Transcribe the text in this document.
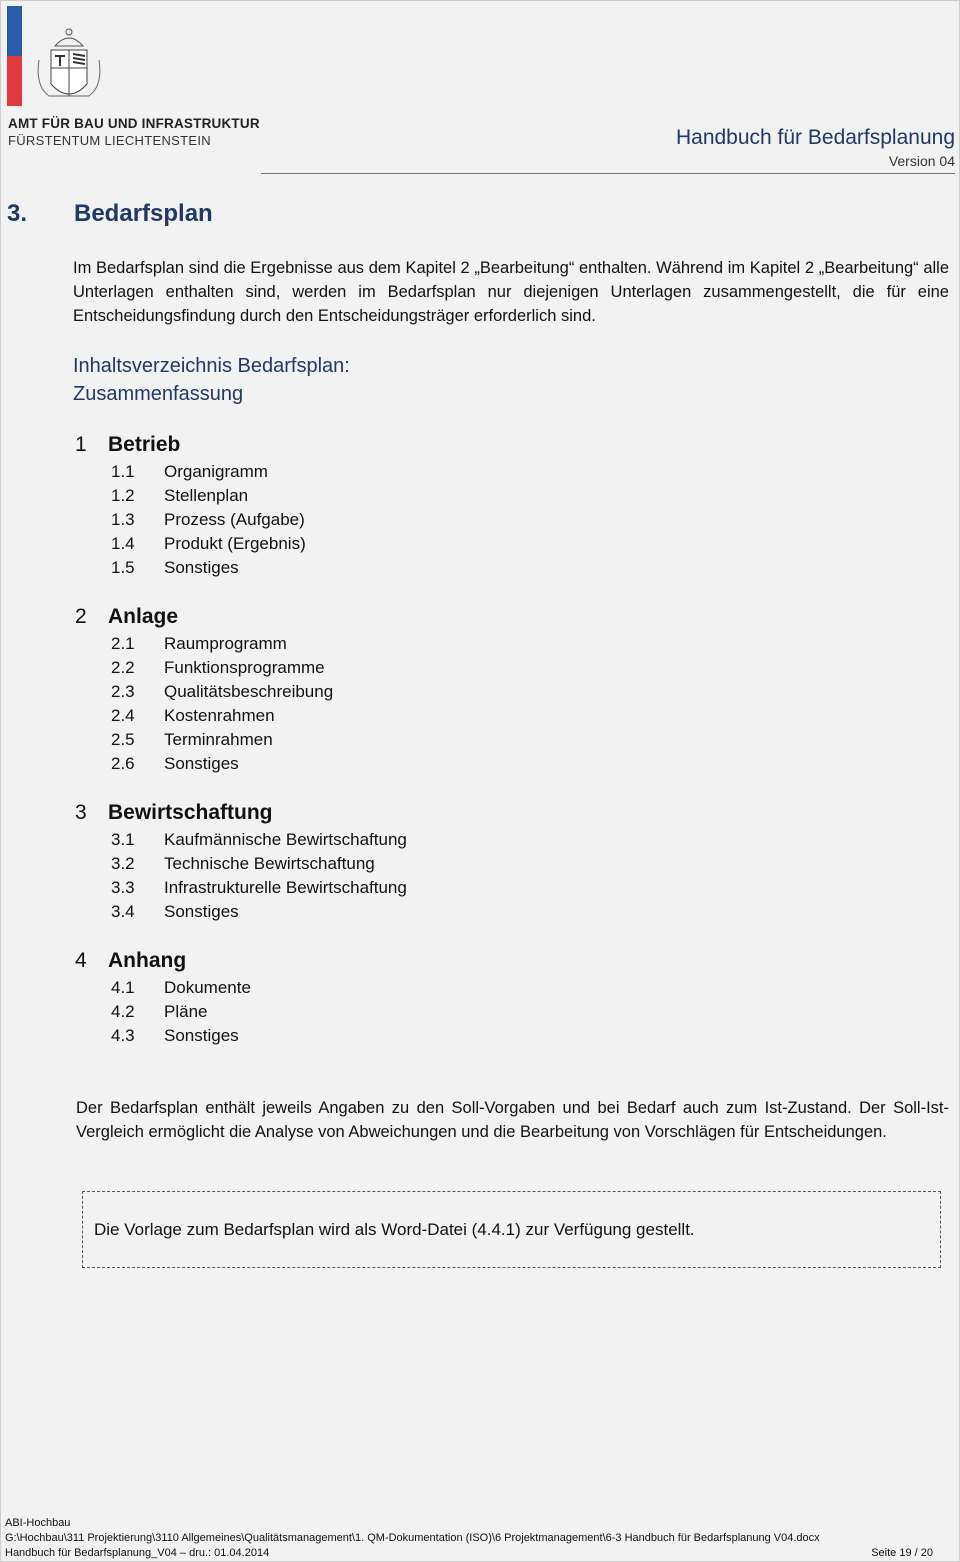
AMT FÜR BAU UND INFRASTRUKTUR
FÜRSTENTUM LIECHTENSTEIN	Handbuch für Bedarfsplanung
Version 04
3. Bedarfsplan
Im Bedarfsplan sind die Ergebnisse aus dem Kapitel 2 „Bearbeitung“ enthalten. Während im Kapitel 2 „Bearbeitung“ alle Unterlagen enthalten sind, werden im Bedarfsplan nur diejenigen Unterlagen zusammengestellt, die für eine Entscheidungsfindung durch den Entscheidungsträger erforderlich sind.
Inhaltsverzeichnis Bedarfsplan:
Zusammenfassung
Der Bedarfsplan enthält jeweils Angaben zu den Soll-Vorgaben und bei Bedarf auch zum Ist-Zustand. Der Soll-Ist-Vergleich ermöglicht die Analyse von Abweichungen und die Bearbeitung von Vorschlägen für Entscheidungen.
Die Vorlage zum Bedarfsplan wird als Word-Datei (4.4.1) zur Verfügung gestellt.
ABI-Hochbau
G:\Hochbau\311 Projektierung\3110 Allgemeines\Qualitätsmanagement\1. QM-Dokumentation (ISO)\6 Projektmanagement\6-3 Handbuch für Bedarfsplanung V04.docx
Handbuch für Bedarfsplanung_V04 – dru.: 01.04.2014	Seite 19 / 20
1 Betrieb
1.1 Organigramm
1.2 Stellenplan
1.3 Prozess (Aufgabe)
1.4 Produkt (Ergebnis)
1.5 Sonstiges
2 Anlage
2.1 Raumprogramm
2.2 Funktionsprogramme
2.3 Qualitätsbeschreibung
2.4 Kostenrahmen
2.5 Terminrahmen
2.6 Sonstiges
3 Bewirtschaftung
3.1 Kaufmännische Bewirtschaftung
3.2 Technische Bewirtschaftung
3.3 Infrastrukturelle Bewirtschaftung
3.4 Sonstiges
4 Anhang
4.1 Dokumente
4.2 Pläne
4.3 Sonstiges
